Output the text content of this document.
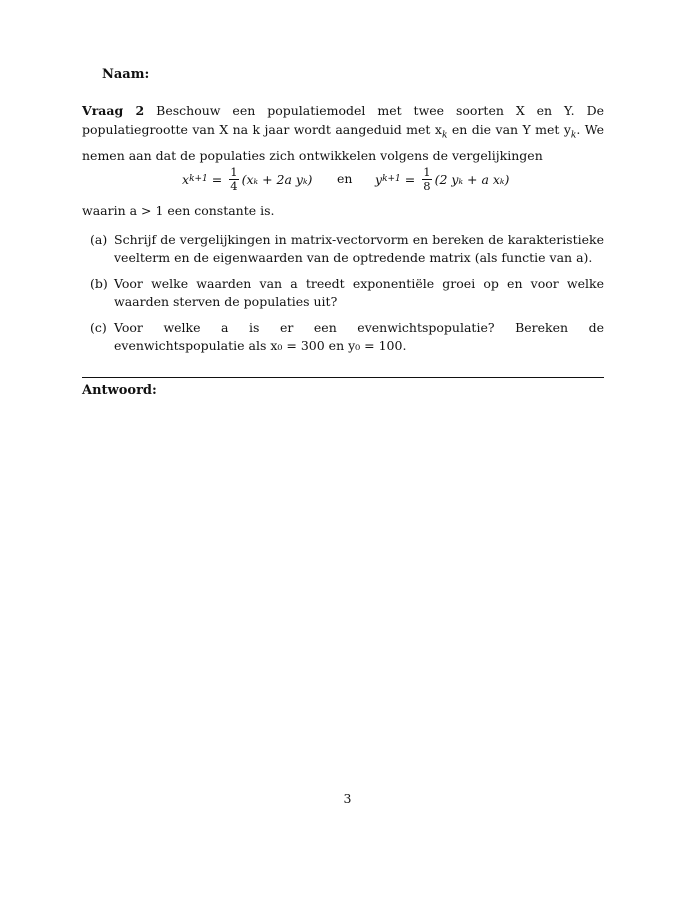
Naam:
Vraag 2 Beschouw een populatiemodel met twee soorten X en Y. De populatiegrootte van X na k jaar wordt aangeduid met $x_k$ en die van Y met $y_k$. We nemen aan dat de populaties zich ontwikkelen volgens de vergelijkingen
x $k+1 = \frac{1}{4} (x_k + 2a$ yₖ) en y $k+1 = \frac{1}{8} (2$ yₖ + a xₖ)
waarin a > 1 een constante is.
(a) Schrijf de vergelijkingen in matrix-vectorvorm en bereken de karakteristieke veelterm en de eigenwaarden van de optredende matrix (als functie van a).
(b) Voor welke waarden van a treedt exponentiële groei op en voor welke waarden sterven de populaties uit?
(c) Voor welke a is er een evenwichtspopulatie? Bereken de evenwichtspopulatie als x₀ = 300 en y₀ = 100.
Antwoord:
3
